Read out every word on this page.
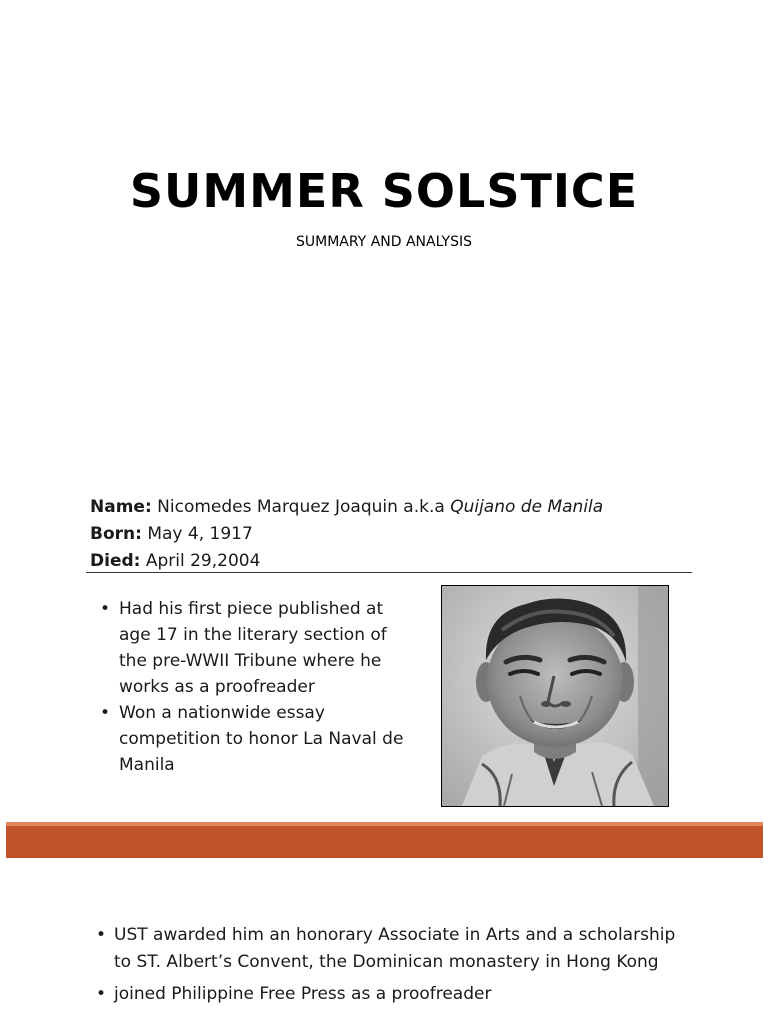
SUMMER SOLSTICE
SUMMARY AND ANALYSIS
Name: Nicomedes Marquez Joaquin a.k.a Quijano de Manila
Born: May 4, 1917
Died: April 29,2004
• Had his first piece published at age 17 in the literary section of the pre-WWII Tribune where he works as a proofreader
• Won a nationwide essay competition to honor La Naval de Manila
• UST awarded him an honorary Associate in Arts and a scholarship to ST. Albert’s Convent, the Dominican monastery in Hong Kong
• joined Philippine Free Press as a proofreader
